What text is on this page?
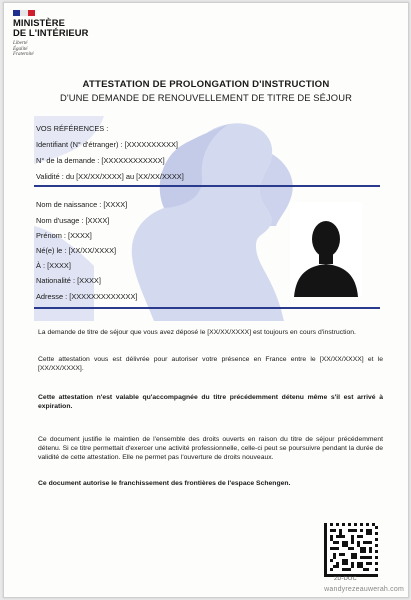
MINISTÈRE
DE L'INTÉRIEUR
Liberté
Égalité
Fraternité
ATTESTATION DE PROLONGATION D'INSTRUCTION
D'UNE DEMANDE DE RENOUVELLEMENT DE TITRE DE SÉJOUR
VOS RÉFÉRENCES :
Identifiant (N° d'étranger) : [XXXXXXXXXX]
N° de la demande : [XXXXXXXXXXXX]
Validité : du [XX/XX/XXXX] au [XX/XX/XXXX]
Nom de naissance : [XXXX]
Nom d'usage : [XXXX]
Prénom : [XXXX]
Né(e) le : [XX/XX/XXXX]
À : [XXXX]
Nationalité : [XXXX]
Adresse : [XXXXXXXXXXXXX]
La demande de titre de séjour que vous avez déposé le [XX/XX/XXXX] est toujours en cours d'instruction.
Cette attestation vous est délivrée pour autoriser votre présence en France entre le [XX/XX/XXXX] et le [XX/XX/XXXX].
Cette attestation n'est valable qu'accompagnée du titre précédemment détenu même s'il est arrivé à expiration.
Ce document justifie le maintien de l'ensemble des droits ouverts en raison du titre de séjour précédemment détenu. Si ce titre permettait d'exercer une activité professionnelle, celle-ci peut se poursuivre pendant la durée de validité de cette attestation. Elle ne permet pas l'ouverture de droits nouveaux.
Ce document autorise le franchissement des frontières de l'espace Schengen.
2D-DOC
wandyrezeauwerah.com
